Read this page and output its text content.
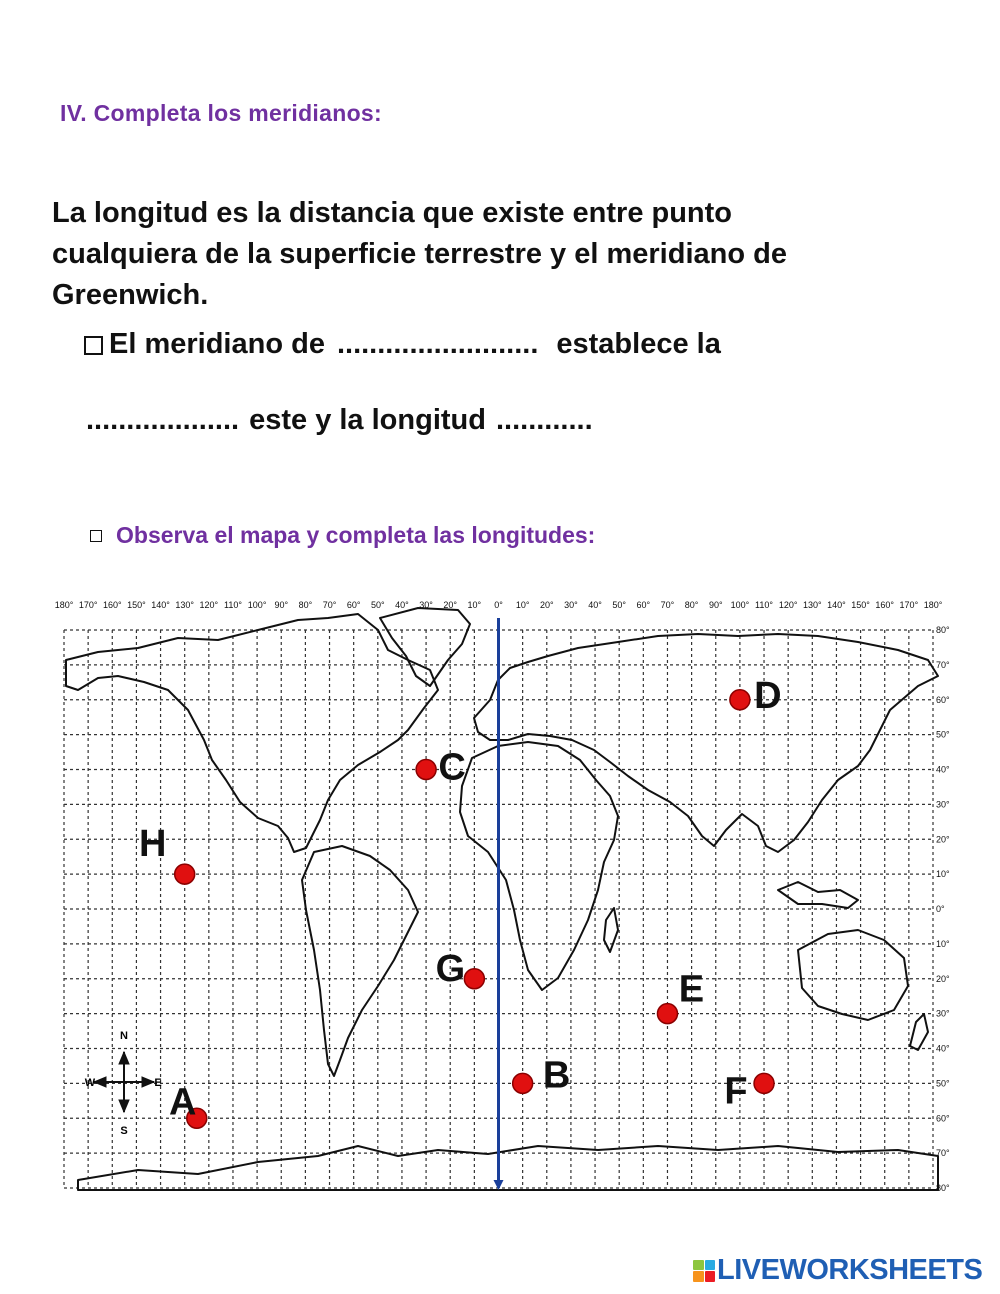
IV. Completa los meridianos:
La longitud es la distancia que existe entre punto
cualquiera de la superficie terrestre y el meridiano de
Greenwich.
El meridiano de ......................... establece la
................... este y la longitud ............
Observa el mapa y completa las longitudes:
180° 170° 160° 150° 140° 130° 120° 110° 100° 90° 80° 70° 60° 50° 40° 30° 20° 10° 0° 10° 20° 30° 40° 50° 60° 70° 80° 90° 100° 110° 120° 130° 140° 150° 160° 170° 180°
80°
70°
60°
50°
40°
30°
20°
10°
0°
10°
20°
30°
40°
50°
60°
70°
80°
N
S
E
W A
B
C
D
E
F
G
H
LIVEWORKSHEETS
